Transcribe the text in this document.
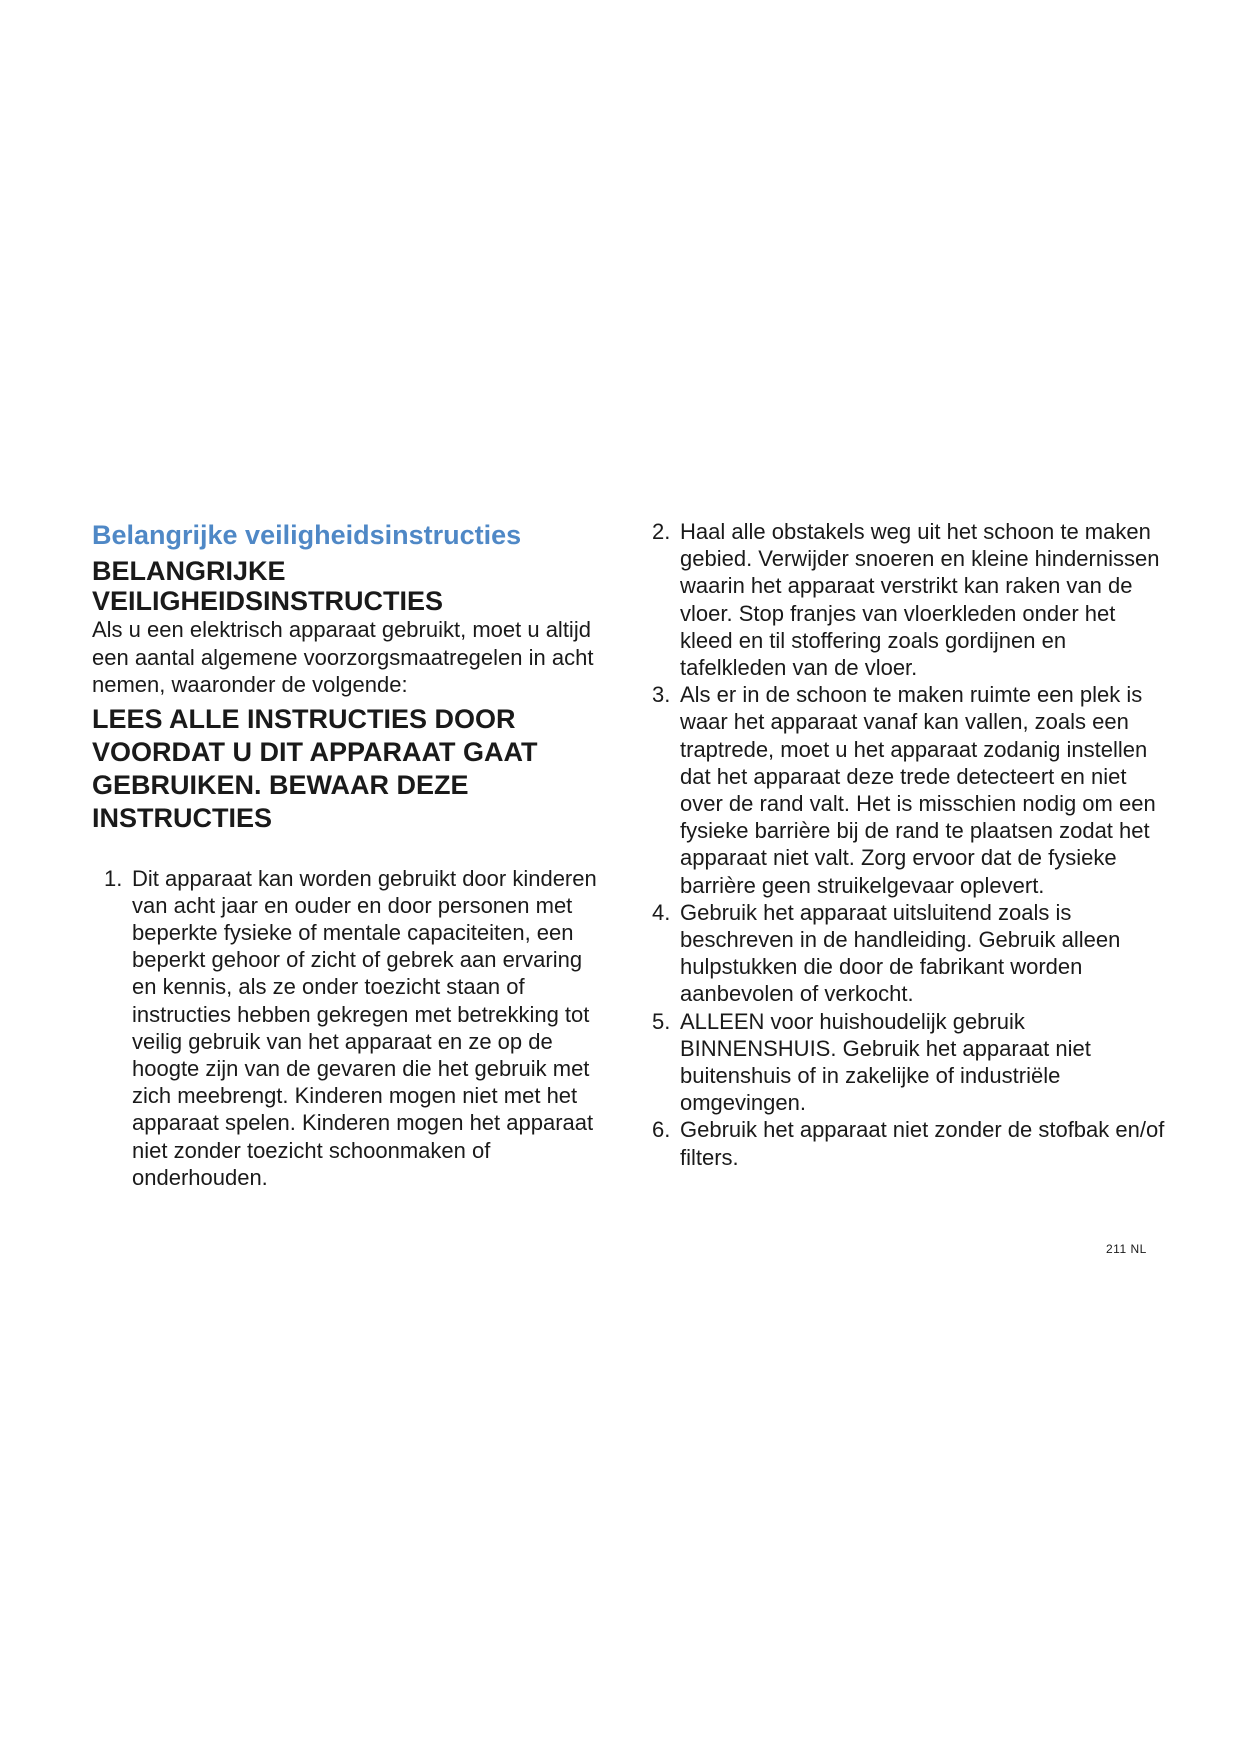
Belangrijke veiligheidsinstructies
BELANGRIJKE
VEILIGHEIDSINSTRUCTIES

Als u een elektrisch apparaat gebruikt, moet u altijd een aantal algemene voorzorgsmaatregelen in acht nemen, waaronder de volgende:

LEES ALLE INSTRUCTIES DOOR VOORDAT U DIT APPARAAT GAAT GEBRUIKEN. BEWAAR DEZE INSTRUCTIES

1. Dit apparaat kan worden gebruikt door kinderen van acht jaar en ouder en door personen met beperkte fysieke of mentale capaciteiten, een beperkt gehoor of zicht of gebrek aan ervaring en kennis, als ze onder toezicht staan of instructies hebben gekregen met betrekking tot veilig gebruik van het apparaat en ze op de hoogte zijn van de gevaren die het gebruik met zich meebrengt. Kinderen mogen niet met het apparaat spelen. Kinderen mogen het apparaat niet zonder toezicht schoonmaken of onderhouden.
2. Haal alle obstakels weg uit het schoon te maken gebied. Verwijder snoeren en kleine hindernissen waarin het apparaat verstrikt kan raken van de vloer. Stop franjes van vloerkleden onder het kleed en til stoffering zoals gordijnen en tafelkleden van de vloer.
3. Als er in de schoon te maken ruimte een plek is waar het apparaat vanaf kan vallen, zoals een traptrede, moet u het apparaat zodanig instellen dat het apparaat deze trede detecteert en niet over de rand valt. Het is misschien nodig om een fysieke barrière bij de rand te plaatsen zodat het apparaat niet valt. Zorg ervoor dat de fysieke barrière geen struikelgevaar oplevert.
4. Gebruik het apparaat uitsluitend zoals is beschreven in de handleiding. Gebruik alleen hulpstukken die door de fabrikant worden aanbevolen of verkocht.
5. ALLEEN voor huishoudelijk gebruik BINNENSHUIS. Gebruik het apparaat niet buitenshuis of in zakelijke of industriële omgevingen.
6. Gebruik het apparaat niet zonder de stofbak en/of filters.
211 NL
